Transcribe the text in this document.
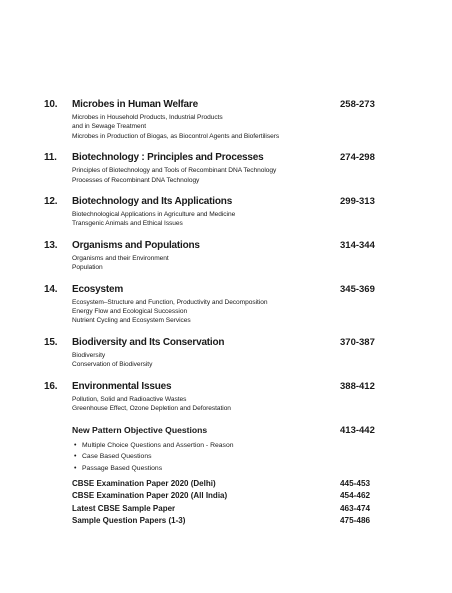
10.	Microbes in Human Welfare	258-273
Microbes in Household Products, Industrial Products
and in Sewage Treatment
Microbes in Production of Biogas, as Biocontrol Agents and Biofertilisers
11.	Biotechnology : Principles and Processes	274-298
Principles of Biotechnology and Tools of Recombinant DNA Technology
Processes of Recombinant DNA Technology
12.	Biotechnology and Its Applications	299-313
Biotechnological Applications in Agriculture and Medicine
Transgenic Animals and Ethical Issues
13.	Organisms and Populations	314-344
Organisms and their Environment
Population
14.	Ecosystem	345-369
Ecosystem–Structure and Function, Productivity and Decomposition
Energy Flow and Ecological Succession
Nutrient Cycling and Ecosystem Services
15.	Biodiversity and Its Conservation	370-387
Biodiversity
Conservation of Biodiversity
16.	Environmental Issues	388-412
Pollution, Solid and Radioactive Wastes
Greenhouse Effect, Ozone Depletion and Deforestation
New Pattern Objective Questions	413-442
• Multiple Choice Questions and Assertion - Reason
• Case Based Questions
• Passage Based Questions
CBSE Examination Paper 2020 (Delhi)	445-453
CBSE Examination Paper 2020 (All India)	454-462
Latest CBSE Sample Paper	463-474
Sample Question Papers (1-3)	475-486
